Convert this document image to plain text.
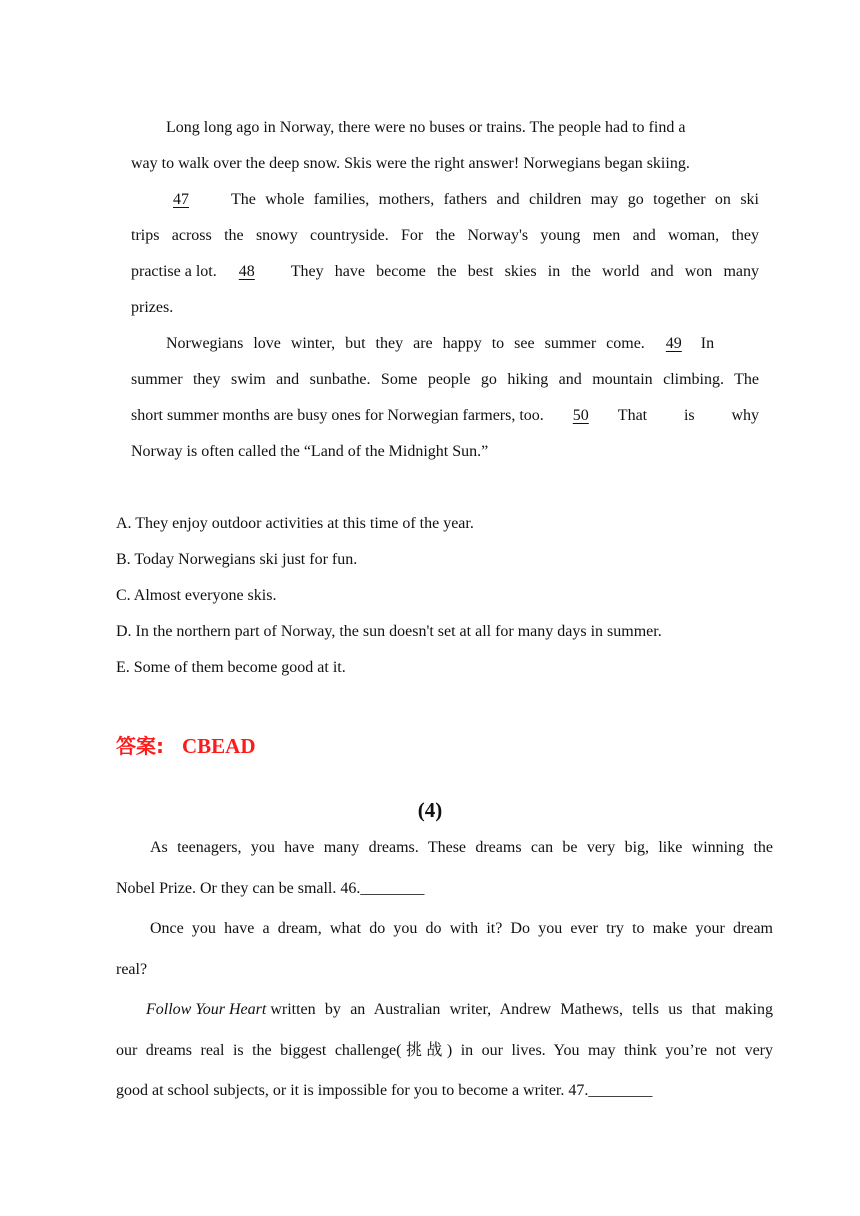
Long long ago in Norway, there were no buses or trains. The people had to find a
way to walk over the deep snow. Skis were the right answer! Norwegians began skiing.
47	The whole families, mothers, fathers and children may go together on ski
trips across the snowy countryside. For the Norway's young men and woman, they
practise a lot. 48	They have become the best skies in the world and won many
prizes.
Norwegians love winter, but they are happy to see summer come.	49	In
summer they swim and sunbathe. Some people go hiking and mountain climbing. The
short summer months are busy ones for Norwegian farmers, too.	50	That is why
Norway is often called the “Land of the Midnight Sun.”
A. They enjoy outdoor activities at this time of the year.
B. Today Norwegians ski just for fun.
C. Almost everyone skis.
D. In the northern part of Norway, the sun doesn't set at all for many days in summer.
E. Some of them become good at it.
答案: CBEAD
(4)
As teenagers, you have many dreams. These dreams can be very big, like winning the
Nobel Prize. Or they can be small. 46.________
Once you have a dream, what do you do with it? Do you ever try to make your dream
real?
Follow Your Heart written by an Australian writer, Andrew Mathews, tells us that making
our dreams real is the biggest challenge(挑战) in our lives. You may think you’re not very
good at school subjects, or it is impossible for you to become a writer. 47.________
